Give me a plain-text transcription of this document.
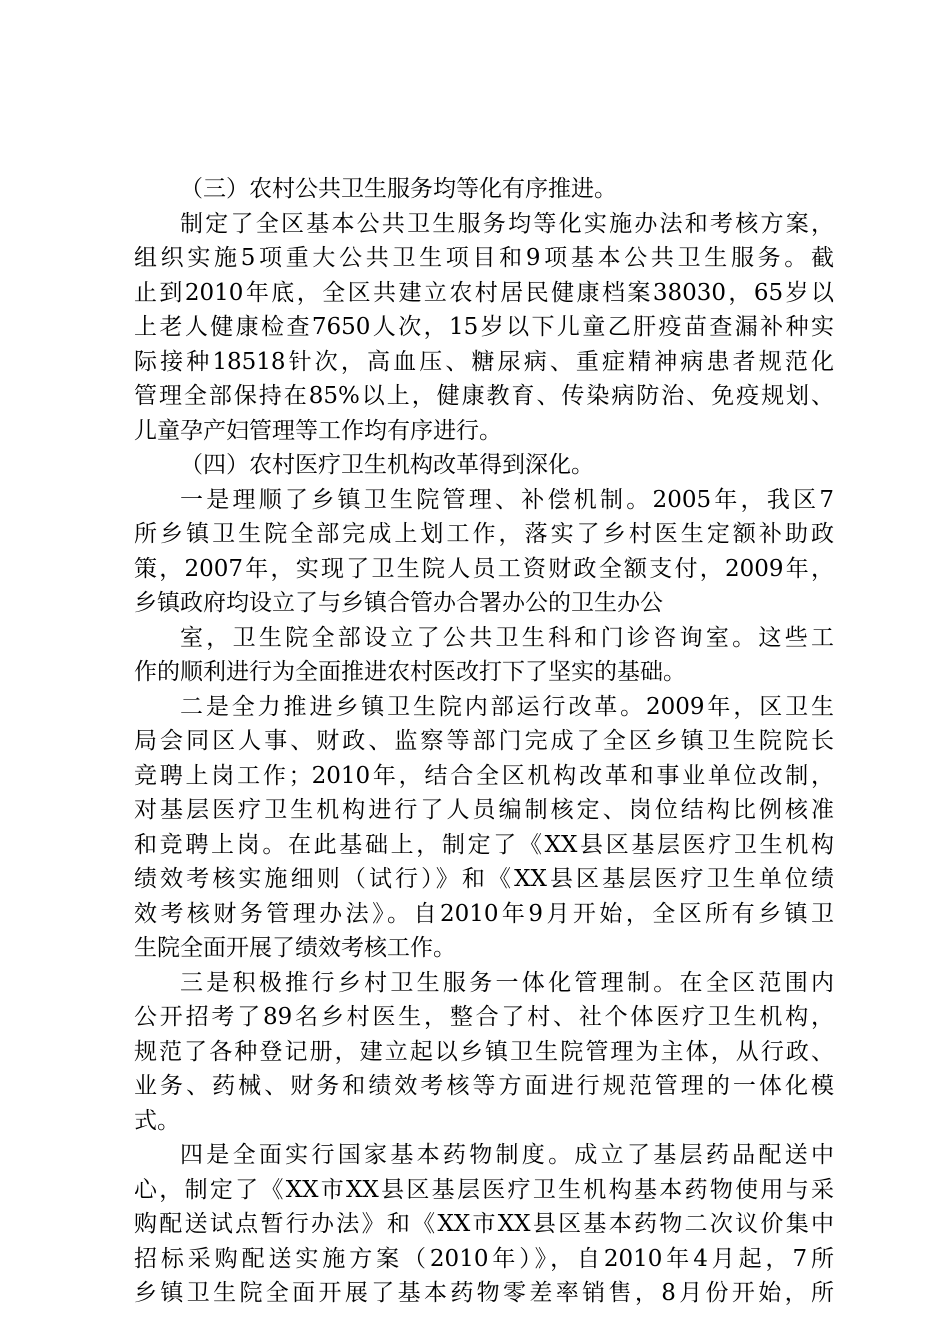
（三）农村公共卫生服务均等化有序推进。
制定了全区基本公共卫生服务均等化实施办法和考核方案，
组织实施5项重大公共卫生项目和9项基本公共卫生服务。截
止到2010年底，全区共建立农村居民健康档案38030，65岁以
上老人健康检查7650人次，15岁以下儿童乙肝疫苗查漏补种实
际接种18518针次，高血压、糖尿病、重症精神病患者规范化
管理全部保持在85%以上，健康教育、传染病防治、免疫规划、
儿童孕产妇管理等工作均有序进行。
（四）农村医疗卫生机构改革得到深化。
一是理顺了乡镇卫生院管理、补偿机制。2005年，我区7
所乡镇卫生院全部完成上划工作，落实了乡村医生定额补助政
策，2007年，实现了卫生院人员工资财政全额支付，2009年，
乡镇政府均设立了与乡镇合管办合署办公的卫生办公
室，卫生院全部设立了公共卫生科和门诊咨询室。这些工
作的顺利进行为全面推进农村医改打下了坚实的基础。
二是全力推进乡镇卫生院内部运行改革。2009年，区卫生
局会同区人事、财政、监察等部门完成了全区乡镇卫生院院长
竞聘上岗工作；2010年，结合全区机构改革和事业单位改制，
对基层医疗卫生机构进行了人员编制核定、岗位结构比例核准
和竞聘上岗。在此基础上，制定了《XX县区基层医疗卫生机构
绩效考核实施细则（试行）》和《XX县区基层医疗卫生单位绩
效考核财务管理办法》。自2010年9月开始，全区所有乡镇卫
生院全面开展了绩效考核工作。
三是积极推行乡村卫生服务一体化管理制。在全区范围内
公开招考了89名乡村医生，整合了村、社个体医疗卫生机构，
规范了各种登记册，建立起以乡镇卫生院管理为主体，从行政、
业务、药械、财务和绩效考核等方面进行规范管理的一体化模
式。
四是全面实行国家基本药物制度。成立了基层药品配送中
心，制定了《XX市XX县区基层医疗卫生机构基本药物使用与采
购配送试点暂行办法》和《XX市XX县区基本药物二次议价集中
招标采购配送实施方案（2010年）》，自2010年4月起，7所
乡镇卫生院全面开展了基本药物零差率销售，8月份开始，所
